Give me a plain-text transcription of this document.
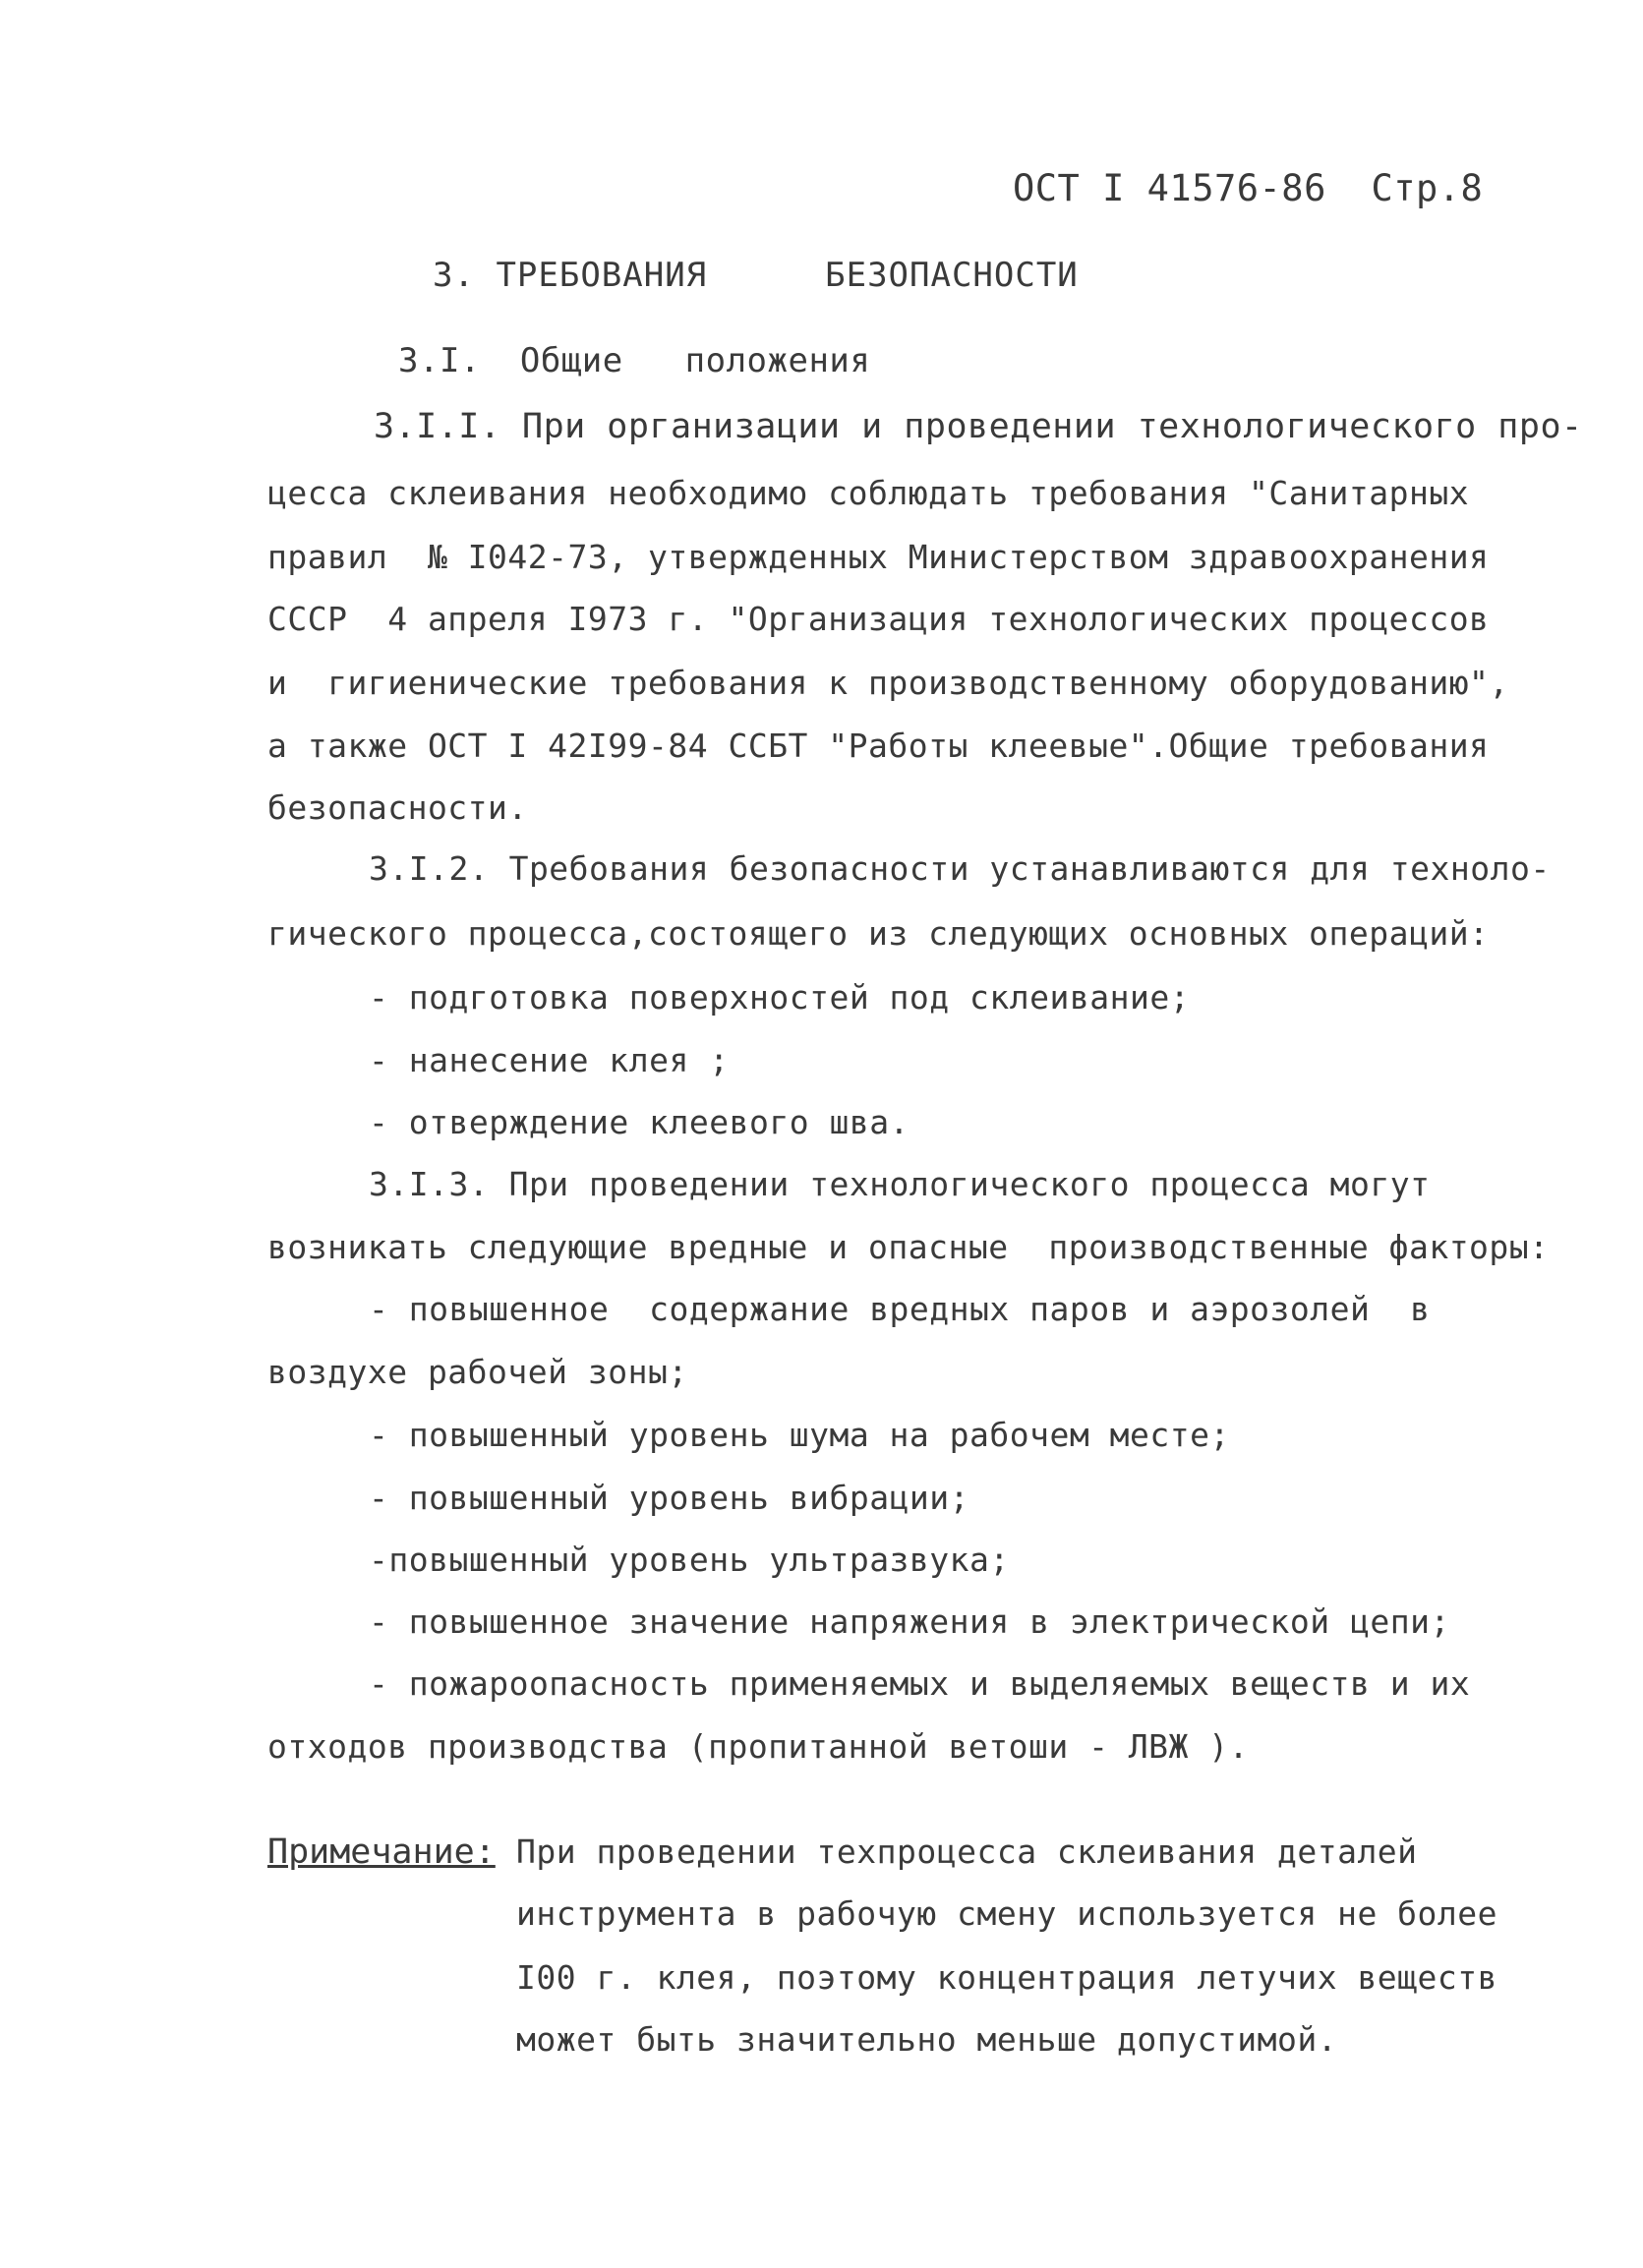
ОСТ I 41576-86 Стр.8
3. ТРЕБОВАНИЯ	БЕЗОПАСНОСТИ
3.I. Общие   положения
3.I.I. При организации и проведении технологического про-
цесса склеивания необходимо соблюдать требования "Санитарных
правил  № I042-73, утвержденных Министерством здравоохранения
СССР  4 апреля I973 г. "Организация технологических процессов
и  гигиенические требования к производственному оборудованию",
а также ОСТ I 42I99-84 ССБТ "Работы клеевые".Общие требования
безопасности.
3.I.2. Требования безопасности устанавливаются для техноло-
гического процесса,состоящего из следующих основных операций:
- подготовка поверхностей под склеивание;
- нанесение клея ;
- отверждение клеевого шва.
3.I.3. При проведении технологического процесса могут
возникать следующие вредные и опасные  производственные факторы:
- повышенное  содержание вредных паров и аэрозолей  в
воздухе рабочей зоны;
- повышенный уровень шума на рабочем месте;
- повышенный уровень вибрации;
-повышенный уровень ультразвука;
- повышенное значение напряжения в электрической цепи;
- пожароопасность применяемых и выделяемых веществ и их
отходов производства (пропитанной ветоши - ЛВЖ ).
Примечание: При проведении техпроцесса склеивания деталей
инструмента в рабочую смену используется не более
I00 г. клея, поэтому концентрация летучих веществ
может быть значительно меньше допустимой.
